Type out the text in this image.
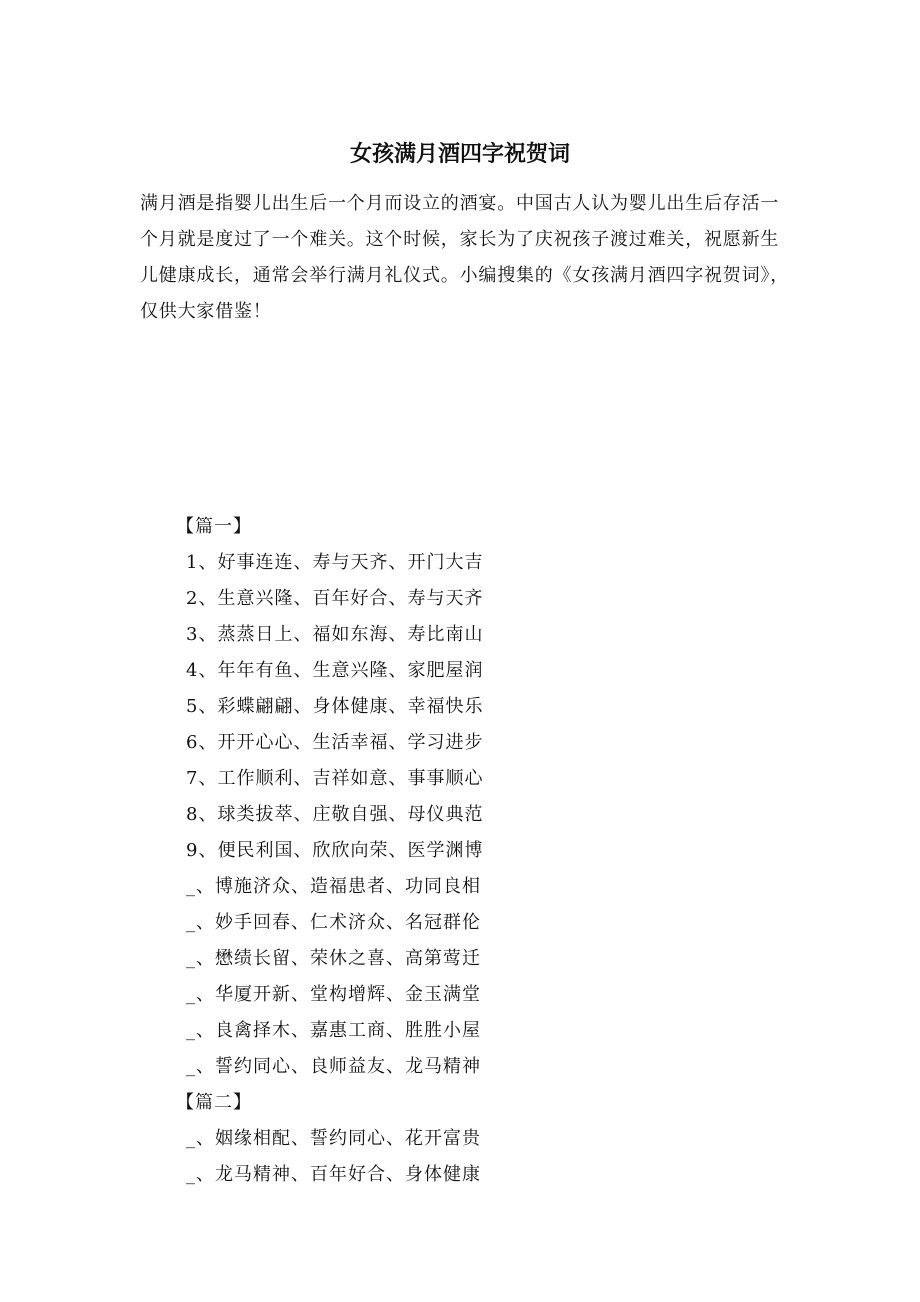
女孩满月酒四字祝贺词
满月酒是指婴儿出生后一个月而设立的酒宴。中国古人认为婴儿出生后存活一
个月就是度过了一个难关。这个时候，家长为了庆祝孩子渡过难关，祝愿新生
儿健康成长，通常会举行满月礼仪式。小编搜集的《女孩满月酒四字祝贺词》，
仅供大家借鉴！
【篇一】
1、好事连连、寿与天齐、开门大吉
2、生意兴隆、百年好合、寿与天齐
3、蒸蒸日上、福如东海、寿比南山
4、年年有鱼、生意兴隆、家肥屋润
5、彩蝶翩翩、身体健康、幸福快乐
6、开开心心、生活幸福、学习进步
7、工作顺利、吉祥如意、事事顺心
8、球类拔萃、庄敬自强、母仪典范
9、便民利国、欣欣向荣、医学渊博
_、博施济众、造福患者、功同良相
_、妙手回春、仁术济众、名冠群伦
_、懋绩长留、荣休之喜、高第莺迁
_、华厦开新、堂构增辉、金玉满堂
_、良禽择木、嘉惠工商、胜胜小屋
_、誓约同心、良师益友、龙马精神
【篇二】
_、姻缘相配、誓约同心、花开富贵
_、龙马精神、百年好合、身体健康
